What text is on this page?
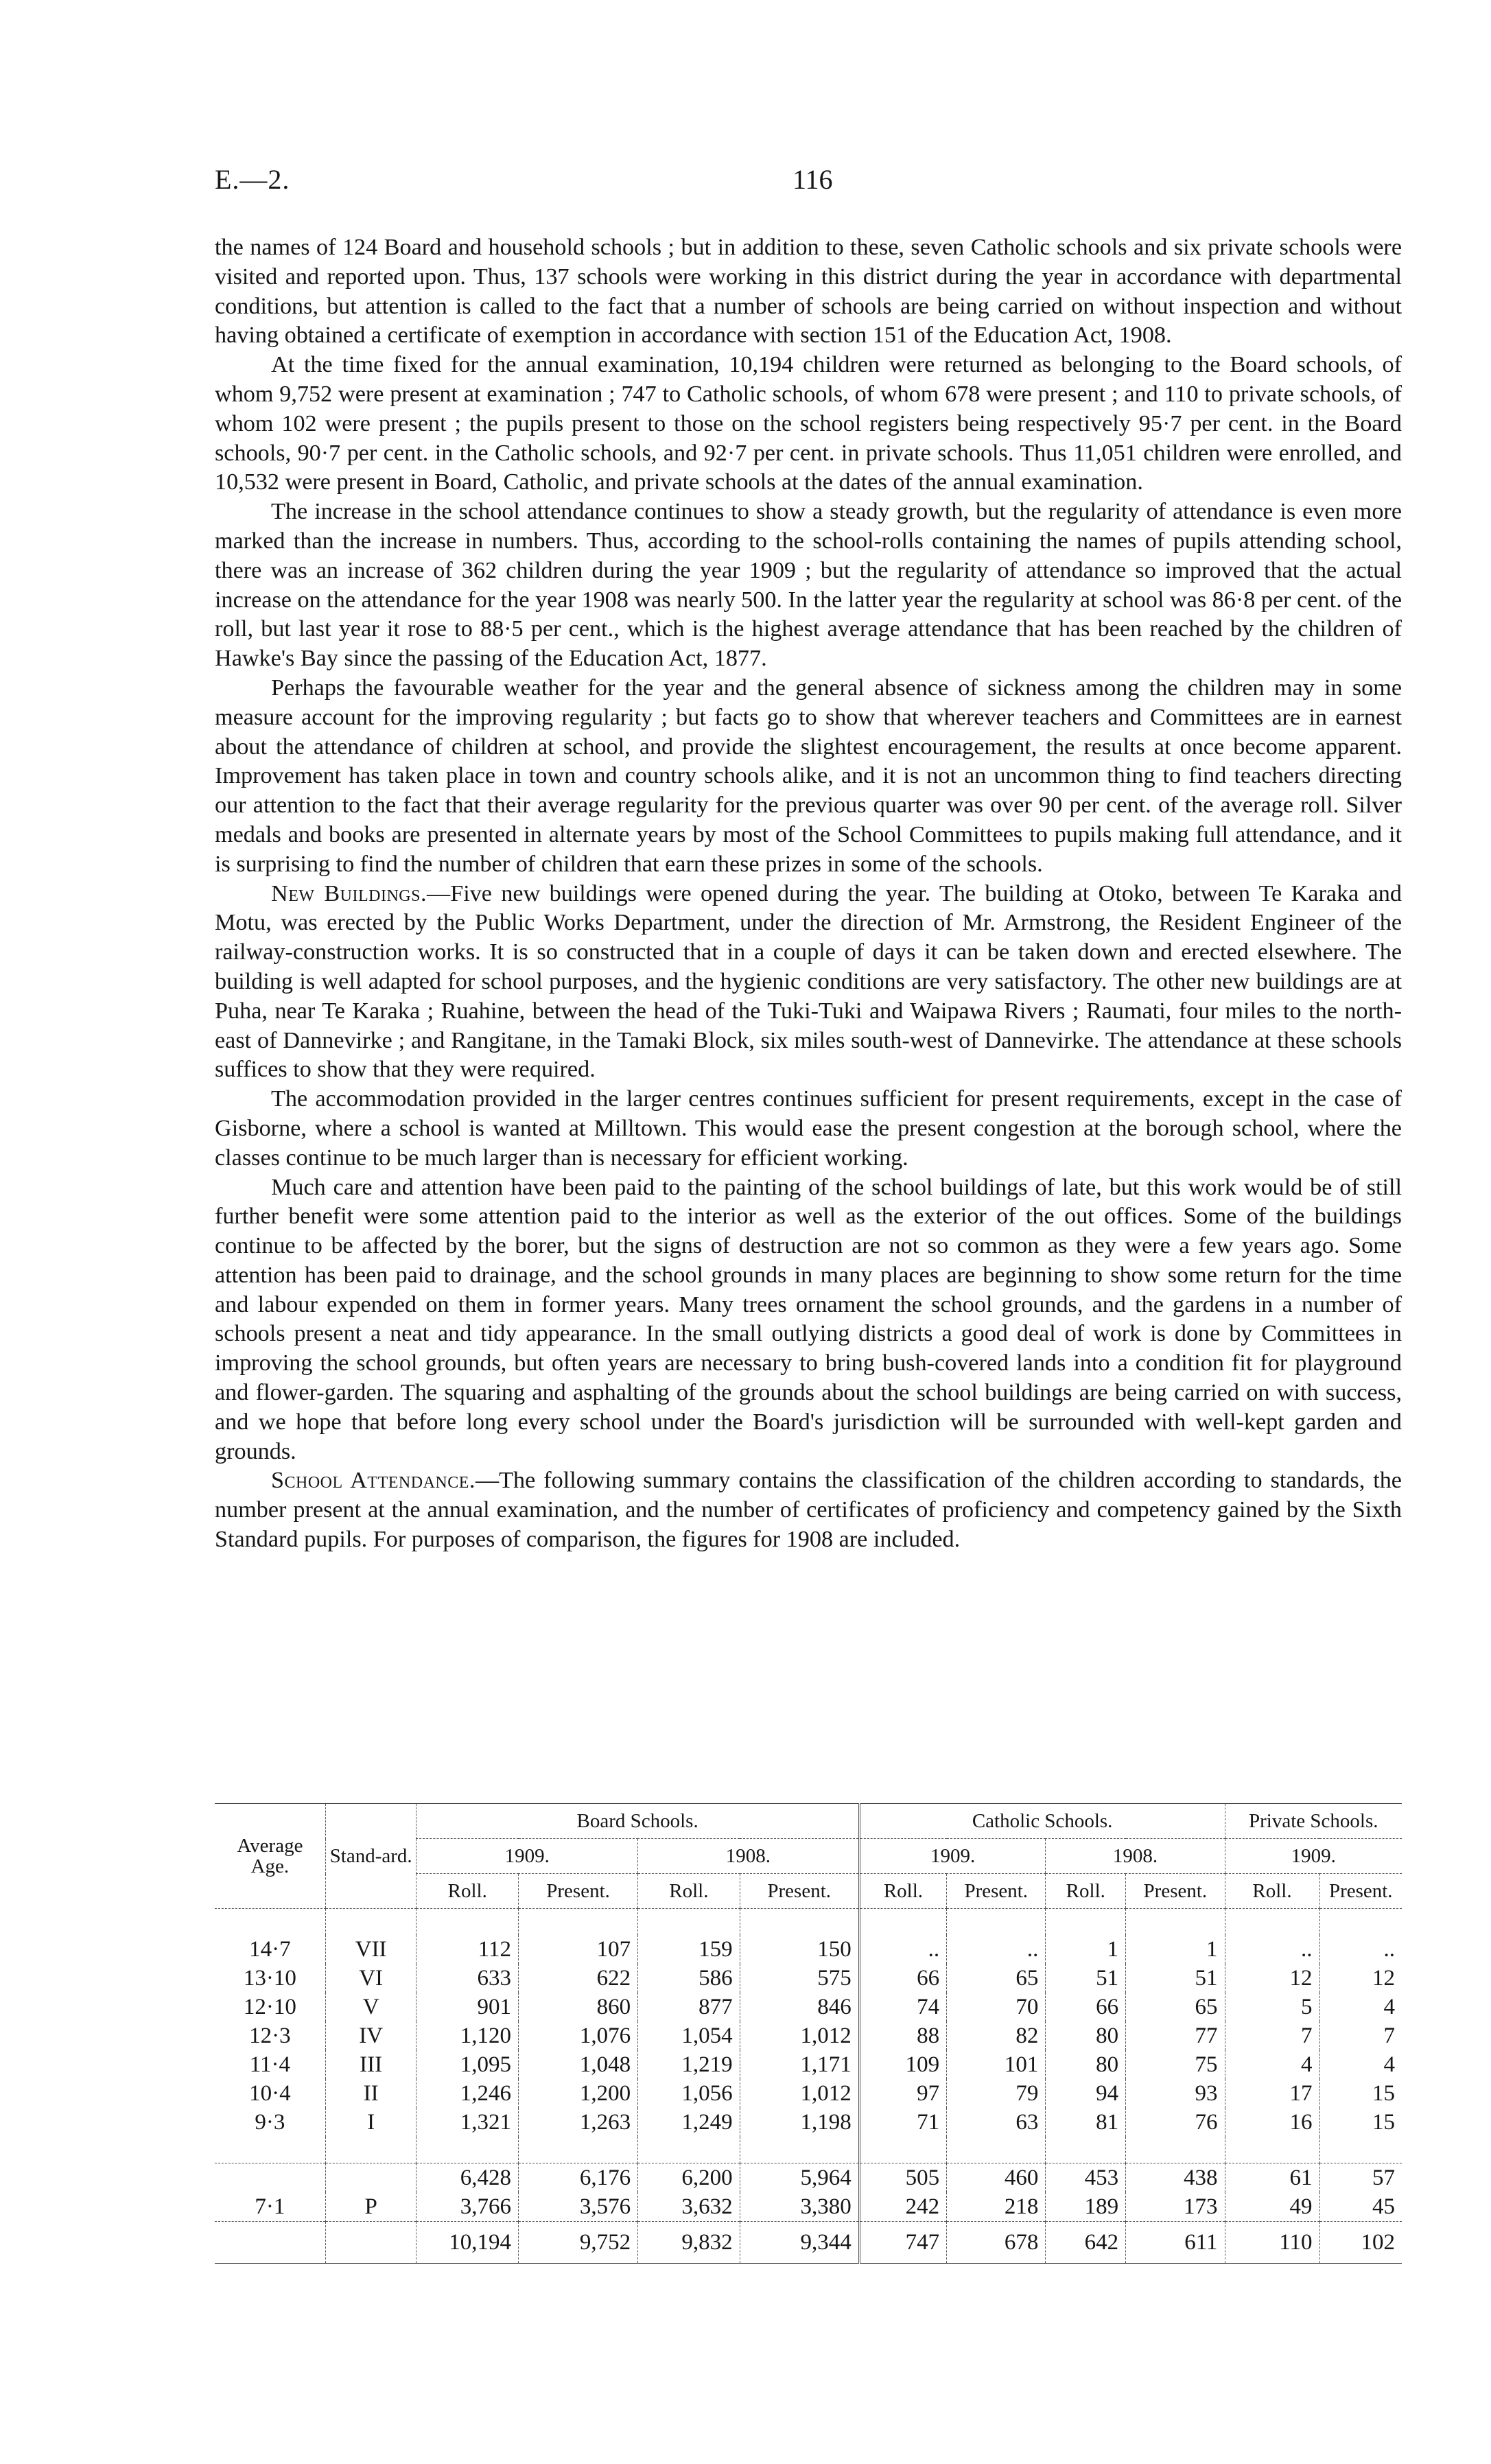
E.—2.	116

the names of 124 Board and household schools ; but in addition to these, seven Catholic schools and six private schools were visited and reported upon. Thus, 137 schools were working in this district during the year in accordance with departmental conditions, but attention is called to the fact that a number of schools are being carried on without inspection and without having obtained a certificate of exemption in accordance with section 151 of the Education Act, 1908.

At the time fixed for the annual examination, 10,194 children were returned as belonging to the Board schools, of whom 9,752 were present at examination ; 747 to Catholic schools, of whom 678 were present ; and 110 to private schools, of whom 102 were present ; the pupils present to those on the school registers being respectively 95·7 per cent. in the Board schools, 90·7 per cent. in the Catholic schools, and 92·7 per cent. in private schools. Thus 11,051 children were enrolled, and 10,532 were present in Board, Catholic, and private schools at the dates of the annual examination.

The increase in the school attendance continues to show a steady growth, but the regularity of attendance is even more marked than the increase in numbers. Thus, according to the school-rolls containing the names of pupils attending school, there was an increase of 362 children during the year 1909 ; but the regularity of attendance so improved that the actual increase on the attendance for the year 1908 was nearly 500. In the latter year the regularity at school was 86·8 per cent. of the roll, but last year it rose to 88·5 per cent., which is the highest average attendance that has been reached by the children of Hawke's Bay since the passing of the Education Act, 1877.

Perhaps the favourable weather for the year and the general absence of sickness among the children may in some measure account for the improving regularity ; but facts go to show that wherever teachers and Committees are in earnest about the attendance of children at school, and provide the slightest encouragement, the results at once become apparent. Improvement has taken place in town and country schools alike, and it is not an uncommon thing to find teachers directing our attention to the fact that their average regularity for the previous quarter was over 90 per cent. of the average roll. Silver medals and books are presented in alternate years by most of the School Committees to pupils making full attendance, and it is surprising to find the number of children that earn these prizes in some of the schools.

New Buildings.—Five new buildings were opened during the year. The building at Otoko, between Te Karaka and Motu, was erected by the Public Works Department, under the direction of Mr. Armstrong, the Resident Engineer of the railway-construction works. It is so constructed that in a couple of days it can be taken down and erected elsewhere. The building is well adapted for school purposes, and the hygienic conditions are very satisfactory. The other new buildings are at Puha, near Te Karaka ; Ruahine, between the head of the Tuki-Tuki and Waipawa Rivers ; Raumati, four miles to the north-east of Dannevirke ; and Rangitane, in the Tamaki Block, six miles south-west of Dannevirke. The attendance at these schools suffices to show that they were required.

The accommodation provided in the larger centres continues sufficient for present requirements, except in the case of Gisborne, where a school is wanted at Milltown. This would ease the present congestion at the borough school, where the classes continue to be much larger than is necessary for efficient working.

Much care and attention have been paid to the painting of the school buildings of late, but this work would be of still further benefit were some attention paid to the interior as well as the exterior of the out offices. Some of the buildings continue to be affected by the borer, but the signs of destruction are not so common as they were a few years ago. Some attention has been paid to drainage, and the school grounds in many places are beginning to show some return for the time and labour expended on them in former years. Many trees ornament the school grounds, and the gardens in a number of schools present a neat and tidy appearance. In the small outlying districts a good deal of work is done by Committees in improving the school grounds, but often years are necessary to bring bush-covered lands into a condition fit for playground and flower-garden. The squaring and asphalting of the grounds about the school buildings are being carried on with success, and we hope that before long every school under the Board's jurisdiction will be surrounded with well-kept garden and grounds.

School Attendance.—The following summary contains the classification of the children according to standards, the number present at the annual examination, and the number of certificates of proficiency and competency gained by the Sixth Standard pupils. For purposes of comparison, the figures for 1908 are included.

Average Age.	Stand-ard.	Board Schools.				Catholic Schools.				Private Schools.	
		1909.		1908.		1909.		1908.		1909.	
		Roll.	Present.	Roll.	Present.	Roll.	Present.	Roll.	Present.	Roll.	Present.

14·7	VII	112	107	159	150	..	..	1	1	..	..
13·10	VI	633	622	586	575	66	65	51	51	12	12
12·10	V	901	860	877	846	74	70	66	65	5	4
12·3	IV	1,120	1,076	1,054	1,012	88	82	80	77	7	7
11·4	III	1,095	1,048	1,219	1,171	109	101	80	75	4	4
10·4	II	1,246	1,200	1,056	1,012	97	79	94	93	17	15
9·3	I	1,321	1,263	1,249	1,198	71	63	81	76	16	15

		6,428	6,176	6,200	5,964	505	460	453	438	61	57
7·1	P	3,766	3,576	3,632	3,380	242	218	189	173	49	45
		10,194	9,752	9,832	9,344	747	678	642	611	110	102
